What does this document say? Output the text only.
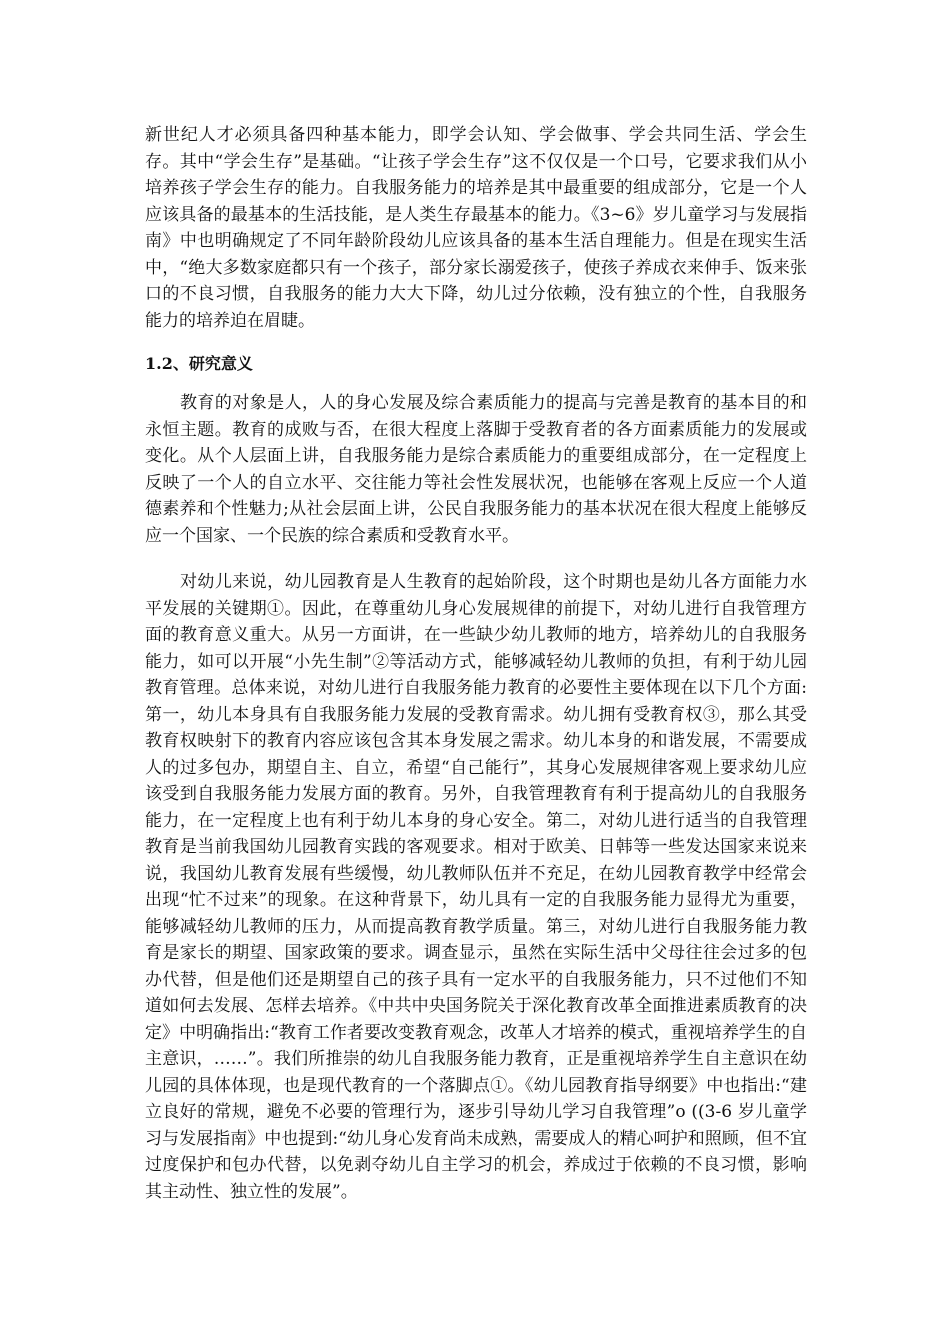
新世纪人才必须具备四种基本能力，即学会认知、学会做事、学会共同生活、学会生存。其中“学会生存”是基础。“让孩子学会生存”这不仅仅是一个口号，它要求我们从小培养孩子学会生存的能力。自我服务能力的培养是其中最重要的组成部分，它是一个人应该具备的最基本的生活技能，是人类生存最基本的能力。《3~6》岁儿童学习与发展指南》中也明确规定了不同年龄阶段幼儿应该具备的基本生活自理能力。但是在现实生活中，“绝大多数家庭都只有一个孩子，部分家长溺爱孩子，使孩子养成衣来伸手、饭来张口的不良习惯，自我服务的能力大大下降，幼儿过分依赖，没有独立的个性，自我服务能力的培养迫在眉睫。

1.2、研究意义

教育的对象是人，人的身心发展及综合素质能力的提高与完善是教育的基本目的和永恒主题。教育的成败与否，在很大程度上落脚于受教育者的各方面素质能力的发展或变化。从个人层面上讲，自我服务能力是综合素质能力的重要组成部分，在一定程度上反映了一个人的自立水平、交往能力等社会性发展状况，也能够在客观上反应一个人道德素养和个性魅力;从社会层面上讲，公民自我服务能力的基本状况在很大程度上能够反应一个国家、一个民族的综合素质和受教育水平。

对幼儿来说，幼儿园教育是人生教育的起始阶段，这个时期也是幼儿各方面能力水平发展的关键期①。因此，在尊重幼儿身心发展规律的前提下，对幼儿进行自我管理方面的教育意义重大。从另一方面讲，在一些缺少幼儿教师的地方，培养幼儿的自我服务能力，如可以开展“小先生制”②等活动方式，能够减轻幼儿教师的负担，有利于幼儿园教育管理。总体来说，对幼儿进行自我服务能力教育的必要性主要体现在以下几个方面:第一，幼儿本身具有自我服务能力发展的受教育需求。幼儿拥有受教育权③，那么其受教育权映射下的教育内容应该包含其本身发展之需求。幼儿本身的和谐发展，不需要成人的过多包办，期望自主、自立，希望“自己能行”，其身心发展规律客观上要求幼儿应该受到自我服务能力发展方面的教育。另外，自我管理教育有利于提高幼儿的自我服务能力，在一定程度上也有利于幼儿本身的身心安全。第二，对幼儿进行适当的自我管理教育是当前我国幼儿园教育实践的客观要求。相对于欧美、日韩等一些发达国家来说来说，我国幼儿教育发展有些缓慢，幼儿教师队伍并不充足，在幼儿园教育教学中经常会出现“忙不过来”的现象。在这种背景下，幼儿具有一定的自我服务能力显得尤为重要，能够减轻幼儿教师的压力，从而提高教育教学质量。第三，对幼儿进行自我服务能力教育是家长的期望、国家政策的要求。调查显示，虽然在实际生活中父母往往会过多的包办代替，但是他们还是期望自己的孩子具有一定水平的自我服务能力，只不过他们不知道如何去发展、怎样去培养。《中共中央国务院关于深化教育改革全面推进素质教育的决定》中明确指出:“教育工作者要改变教育观念，改革人才培养的模式，重视培养学生的自主意识，……”。我们所推崇的幼儿自我服务能力教育，正是重视培养学生自主意识在幼儿园的具体体现，也是现代教育的一个落脚点①。《幼儿园教育指导纲要》中也指出:“建立良好的常规，避免不必要的管理行为，逐步引导幼儿学习自我管理”o ((3-6 岁儿童学习与发展指南》中也提到:“幼儿身心发育尚未成熟，需要成人的精心呵护和照顾，但不宜过度保护和包办代替，以免剥夺幼儿自主学习的机会，养成过于依赖的不良习惯，影响其主动性、独立性的发展”。
